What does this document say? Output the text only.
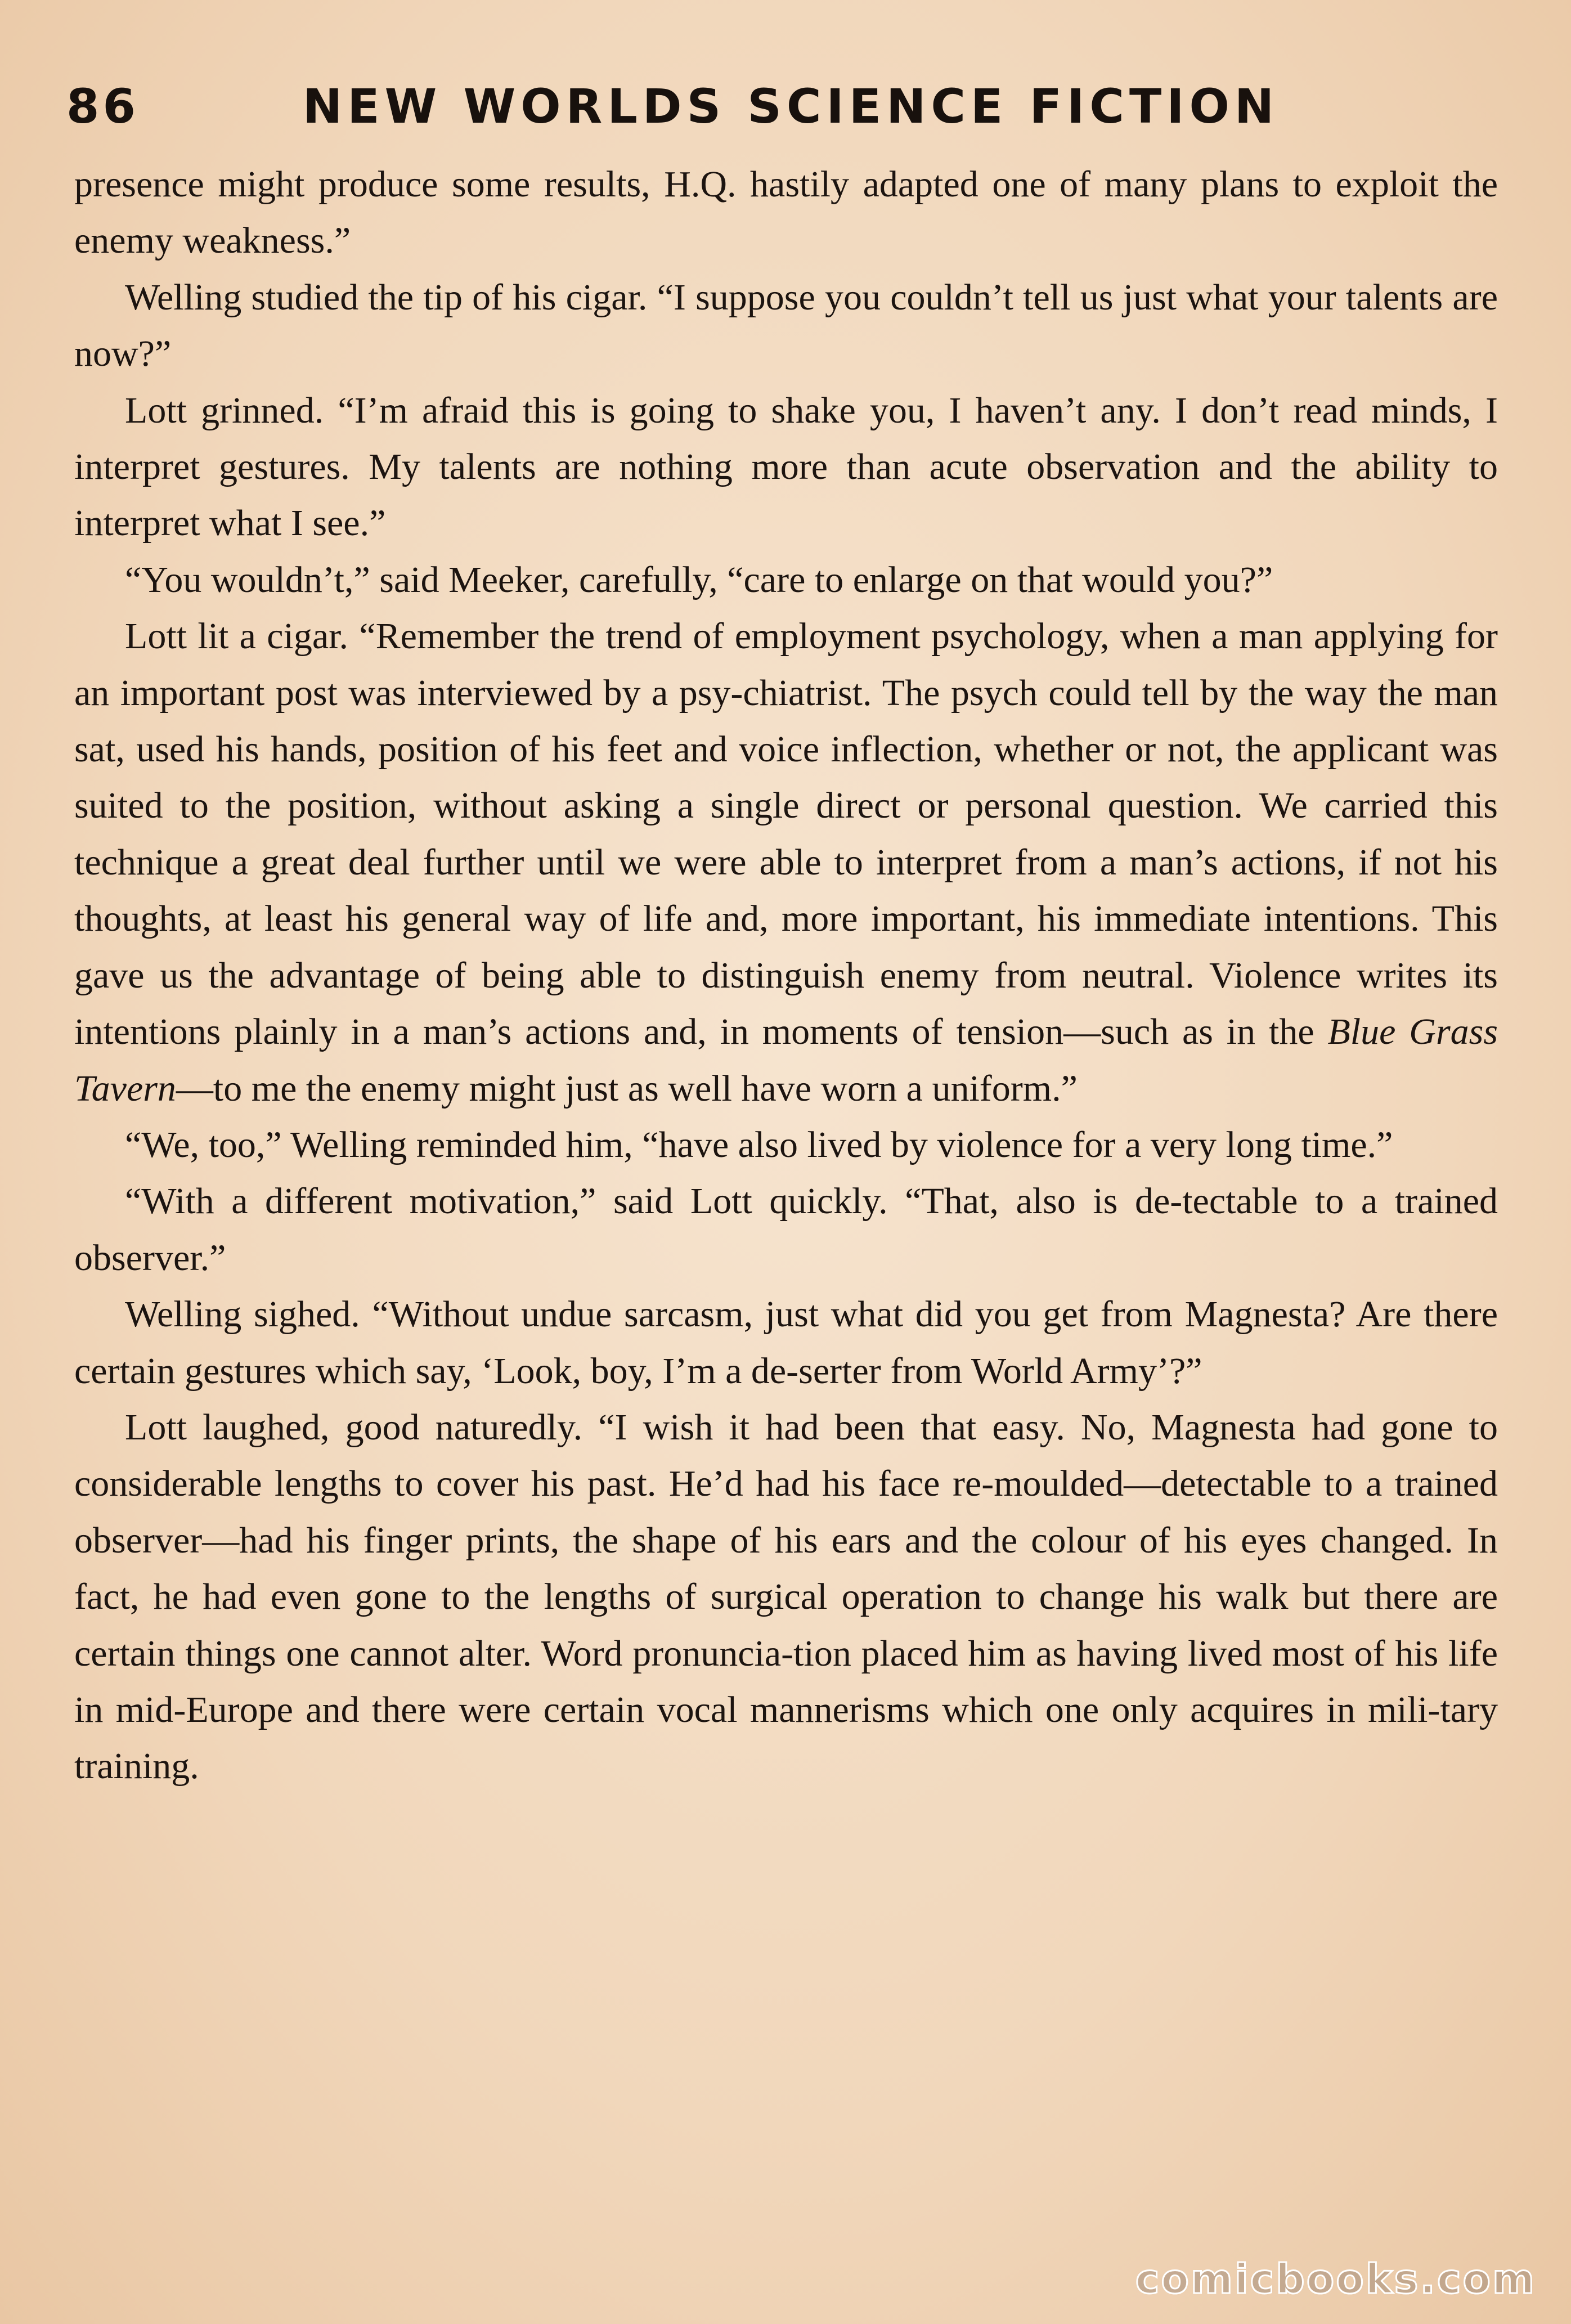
86	NEW WORLDS SCIENCE FICTION

presence might produce some results, H.Q. hastily adapted one of many plans to exploit the enemy weakness.”

Welling studied the tip of his cigar. “I suppose you couldn’t tell us just what your talents are now?”

Lott grinned. “I’m afraid this is going to shake you, I haven’t any. I don’t read minds, I interpret gestures. My talents are nothing more than acute observation and the ability to interpret what I see.”

“You wouldn’t,” said Meeker, carefully, “care to enlarge on that would you?”

Lott lit a cigar. “Remember the trend of employment psychology, when a man applying for an important post was interviewed by a psy-chiatrist. The psych could tell by the way the man sat, used his hands, position of his feet and voice inflection, whether or not, the applicant was suited to the position, without asking a single direct or personal question. We carried this technique a great deal further until we were able to interpret from a man’s actions, if not his thoughts, at least his general way of life and, more important, his immediate intentions. This gave us the advantage of being able to distinguish enemy from neutral. Violence writes its intentions plainly in a man’s actions and, in moments of tension—such as in the Blue Grass Tavern—to me the enemy might just as well have worn a uniform.”

“We, too,” Welling reminded him, “have also lived by violence for a very long time.”

“With a different motivation,” said Lott quickly. “That, also is de-tectable to a trained observer.”

Welling sighed. “Without undue sarcasm, just what did you get from Magnesta? Are there certain gestures which say, ‘Look, boy, I’m a de-serter from World Army’?”

Lott laughed, good naturedly. “I wish it had been that easy. No, Magnesta had gone to considerable lengths to cover his past. He’d had his face re-moulded—detectable to a trained observer—had his finger prints, the shape of his ears and the colour of his eyes changed. In fact, he had even gone to the lengths of surgical operation to change his walk but there are certain things one cannot alter. Word pronuncia-tion placed him as having lived most of his life in mid-Europe and there were certain vocal mannerisms which one only acquires in mili-tary training.

comicbooks.com
